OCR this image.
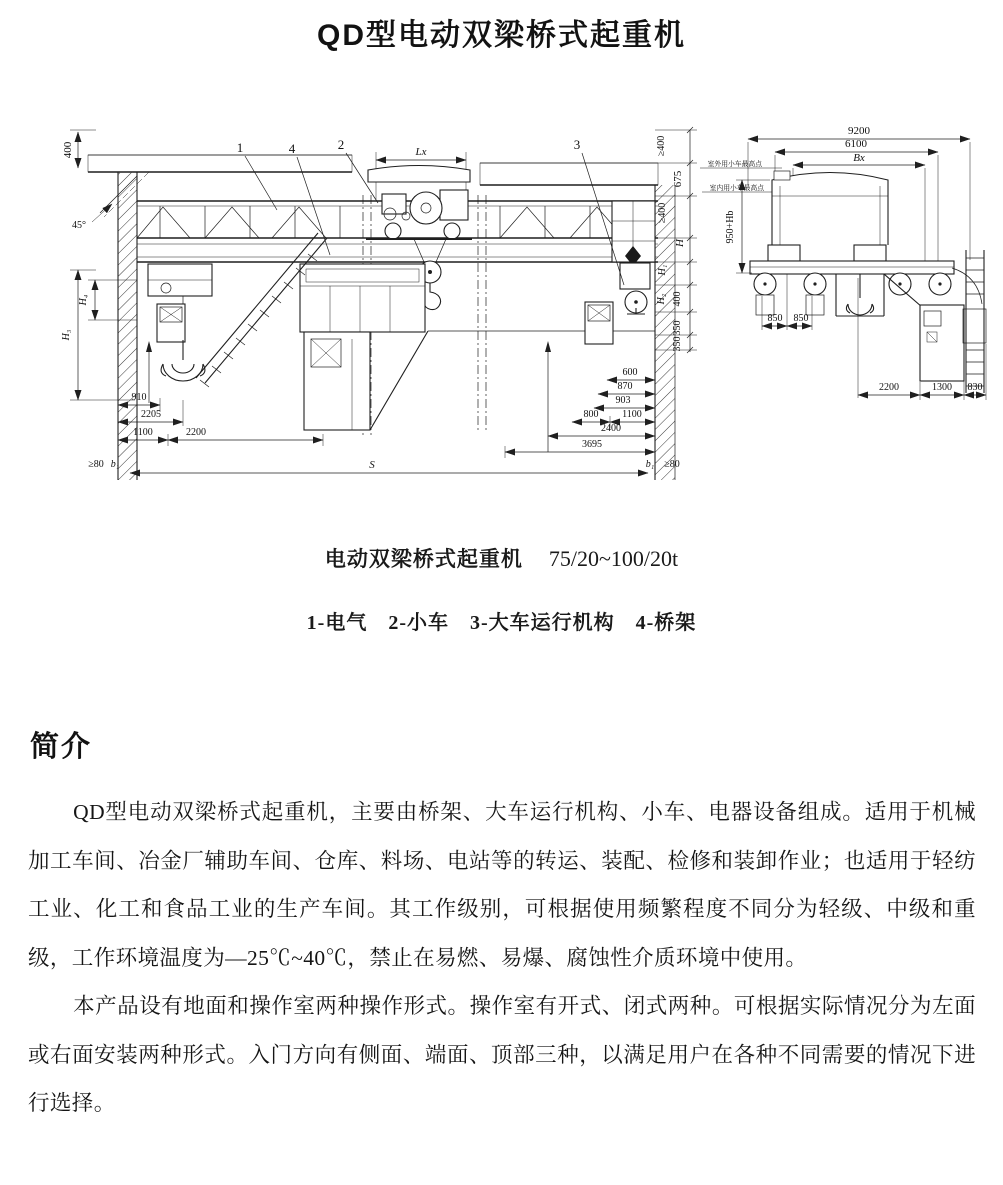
QD型电动双梁桥式起重机
1	4	2	3
400
45°
H₄
H₃
910
2205
1100	2200
S
≥80 b₁	b₁ ≥80
600
870
903
800 1100
2400
3695
≥400
675
≥400
H
H₁
H₂ 400
350
350
Lx
9200
6100
Bx
室外用小车最高点
室内用小车最高点
950+Hb
850 850
2200	1300 830
电动双梁桥式起重机 75/20~100/20t
1-电气　2-小车　3-大车运行机构　4-桥架
简介

QD型电动双梁桥式起重机，主要由桥架、大车运行机构、小车、电器设备组成。适用于机械加工车间、冶金厂辅助车间、仓库、料场、电站等的转运、装配、检修和装卸作业；也适用于轻纺工业、化工和食品工业的生产车间。其工作级别，可根据使用频繁程度不同分为轻级、中级和重级，工作环境温度为—25℃~40℃，禁止在易燃、易爆、腐蚀性介质环境中使用。

本产品设有地面和操作室两种操作形式。操作室有开式、闭式两种。可根据实际情况分为左面或右面安装两种形式。入门方向有侧面、端面、顶部三种，以满足用户在各种不同需要的情况下进行选择。
